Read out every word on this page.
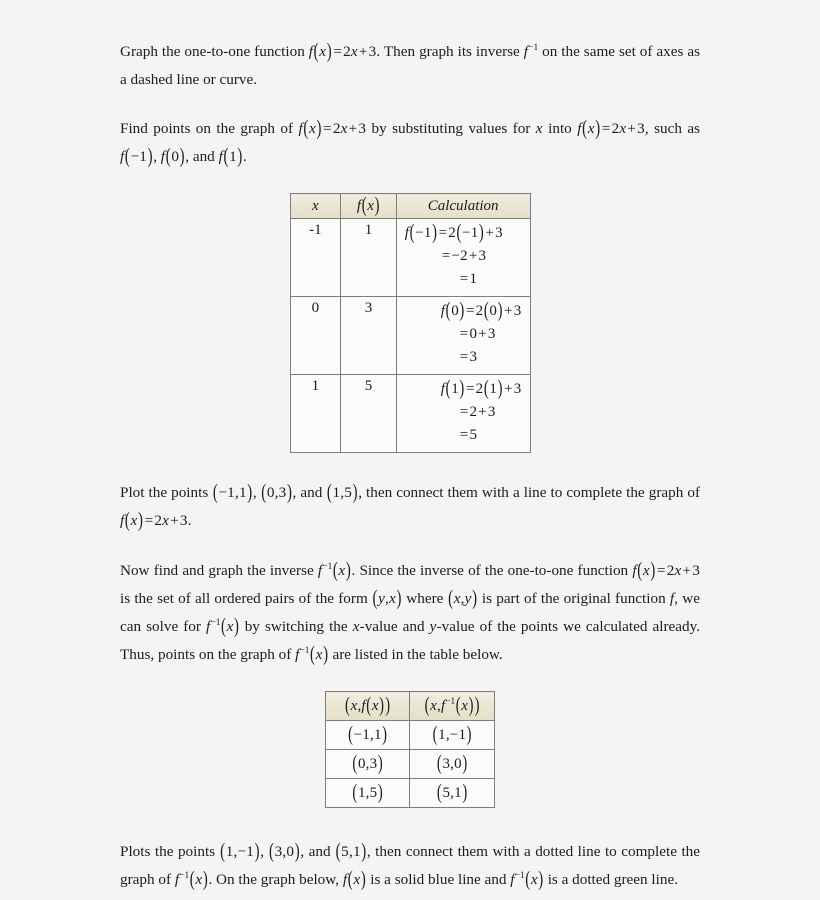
Graph the one-to-one function f(x)=2x+3. Then graph its inverse $f^{-1}$ on the same set of axes as a dashed line or curve.

Find points on the graph of f(x)=2x+3 by substituting values for x into f(x)=2x+3, such as f(−1), f(0), and f(1).

x	f(x)	Calculation
-1	1	f(−1) =2(−1) +3
=−2+3
=1

0	3	f(0) =2(0) +3
=0+3
=3

1	5	f(1) =2(1) +3
=2+3
=5

Plot the points (−1,1), (0,3), and (1,5), then connect them with a line to complete the graph of f(x)=2x+3.

Now find and graph the inverse $f^{-1}(x)$. Since the inverse of the one-to-one function f(x)=2x+3 is the set of all ordered pairs of the form (y,x) where (x,y) is part of the original function f, we can solve for $f^{-1}(x)$ by switching the x-value and y-value of the points we calculated already. Thus, points on the graph of $f^{-1}(x)$ are listed in the table below.

(x,f(x))	$(x,f^{-1}(x))$
(−1,1)	(1,−1)
(0,3)	(3,0)
(1,5)	(5,1)

Plots the points (1,−1), (3,0), and (5,1), then connect them with a dotted line to complete the graph of $f^{-1}(x)$. On the graph below, f(x) is a solid blue line and $f^{-1}(x)$ is a dotted green line.
